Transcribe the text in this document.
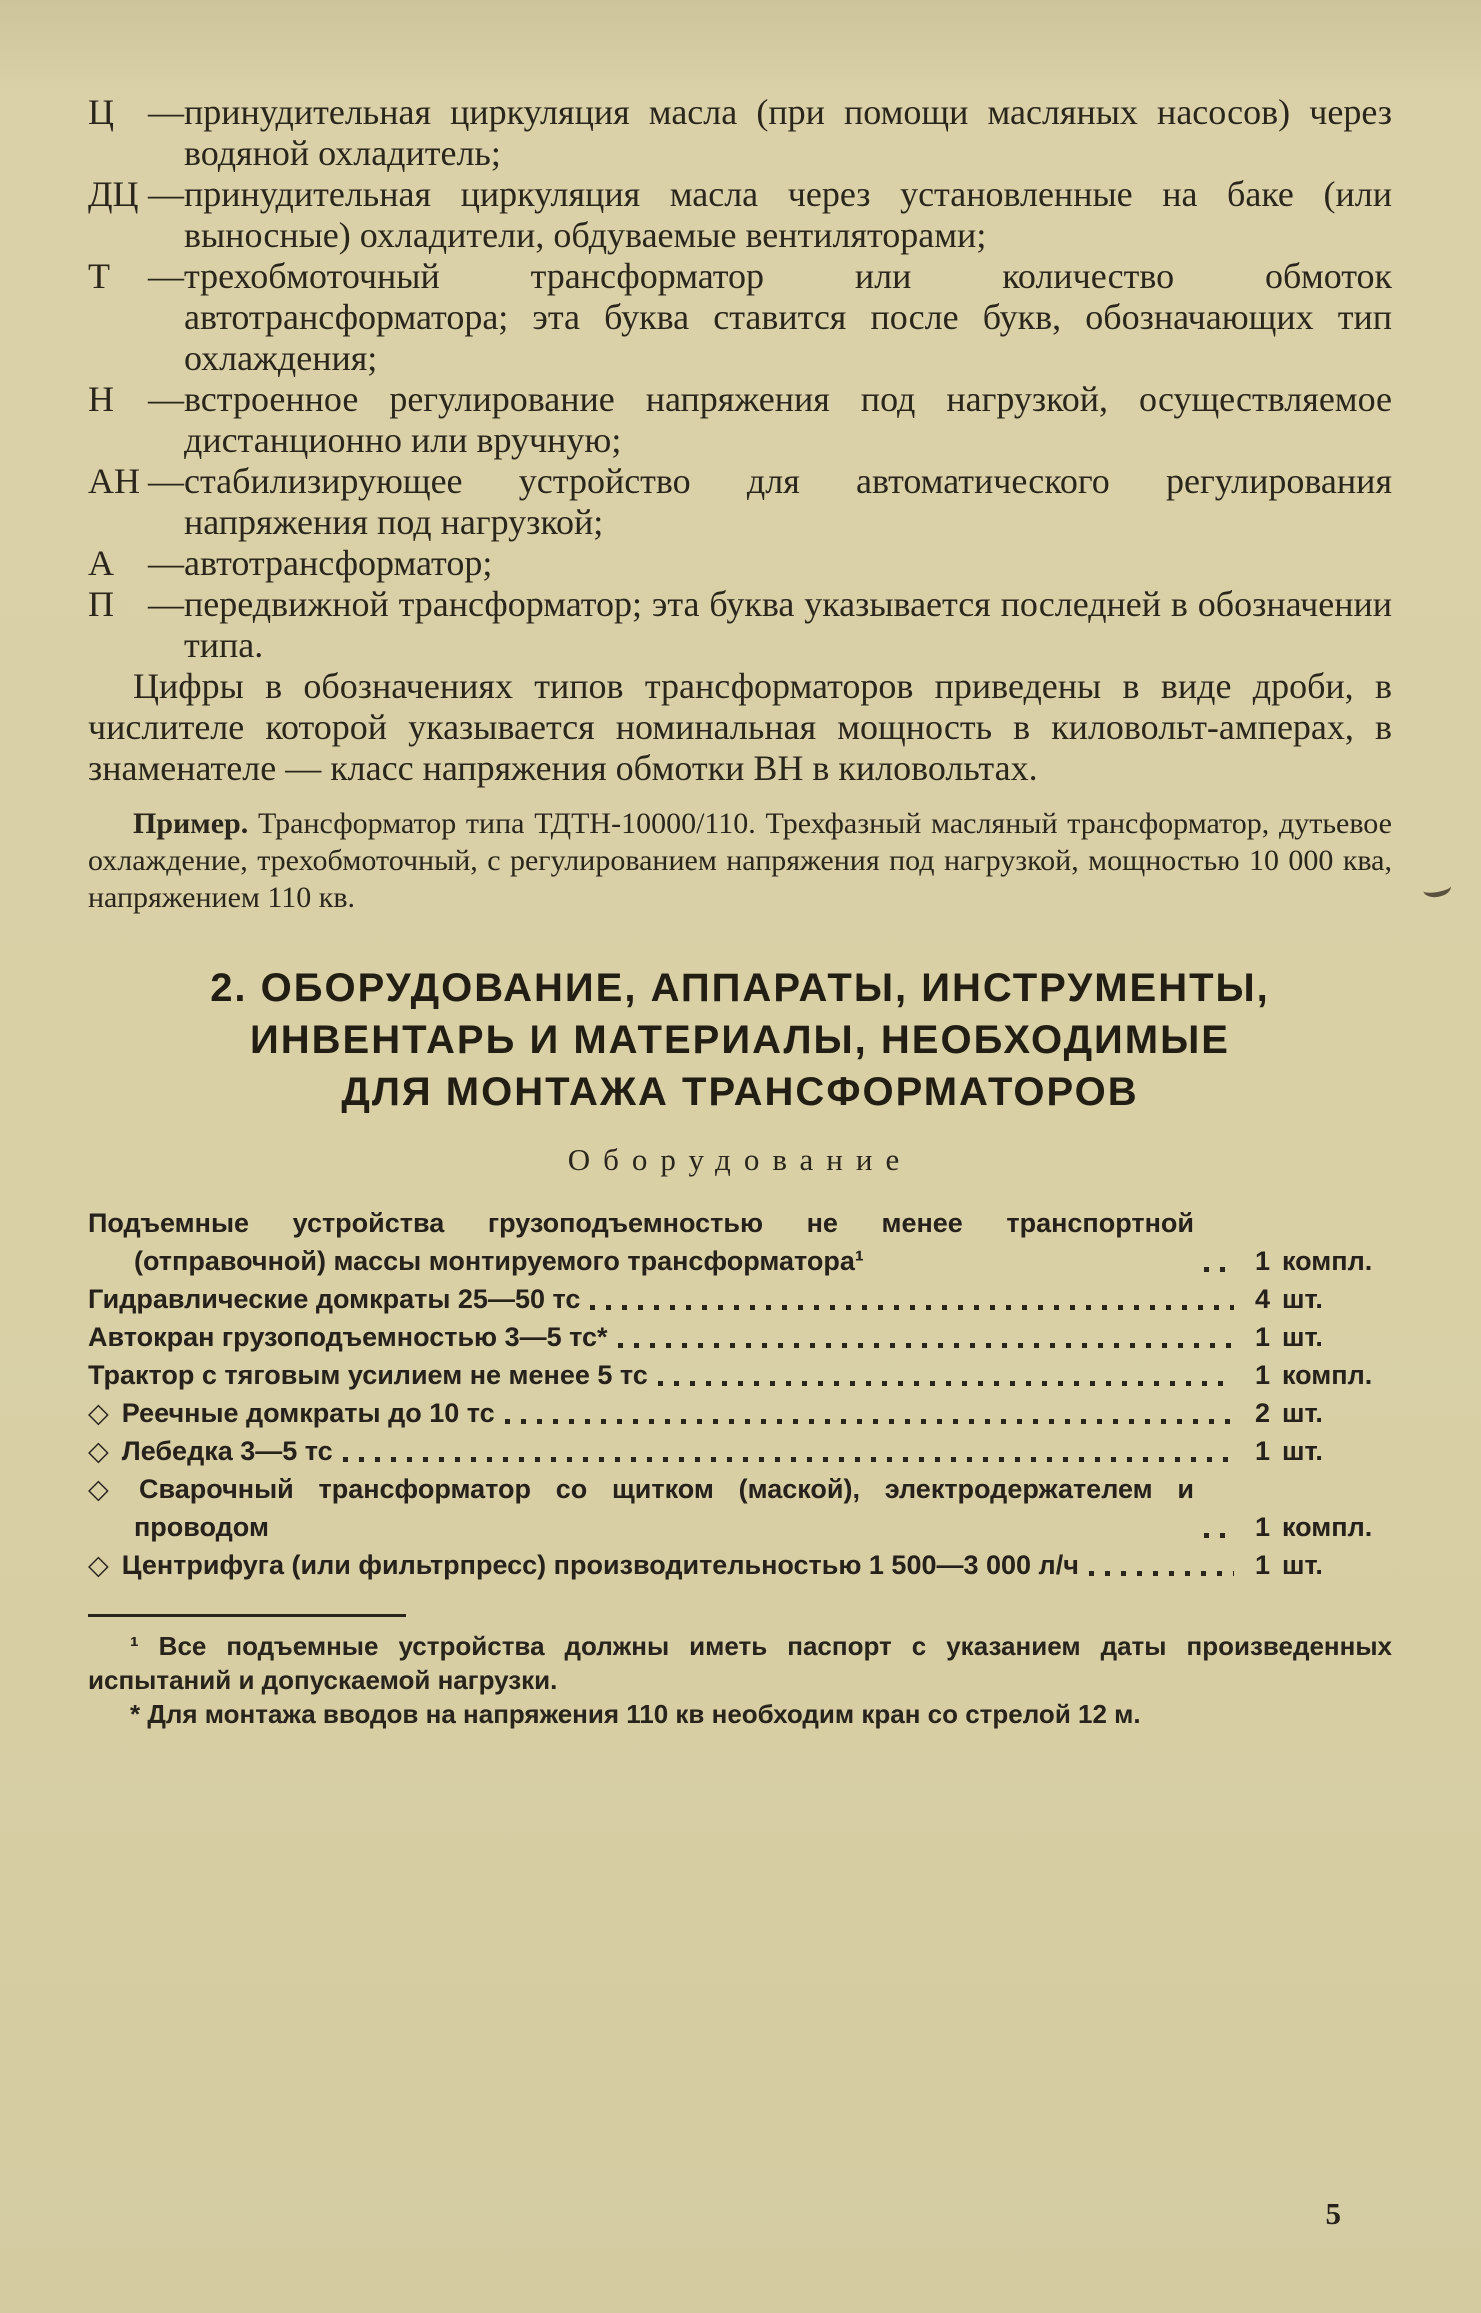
Ц — принудительная циркуляция масла (при помощи масляных насосов) через водяной охладитель;
ДЦ — принудительная циркуляция масла через установленные на баке (или выносные) охладители, обдуваемые вентиляторами;
Т	— трехобмоточный трансформатор или количество обмоток автотрансформатора; эта буква ставится после букв, обозначающих тип охлаждения;
Н — встроенное регулирование напряжения под нагрузкой, осуществляемое дистанционно или вручную;
АН — стабилизирующее устройство для автоматического регулирования напряжения под нагрузкой;
А — автотрансформатор;
П — передвижной трансформатор; эта буква указывается последней в обозначении типа.

Цифры в обозначениях типов трансформаторов приведены в виде дроби, в числителе которой указывается номинальная мощность в киловольт-амперах, в знаменателе — класс напряжения обмотки ВН в киловольтах.

Пример. Трансформатор типа ТДТН-10000/110. Трехфазный масляный трансформатор, дутьевое охлаждение, трехобмоточный, с регулированием напряжения под нагрузкой, мощностью 10 000 ква, напряжением 110 кв.

2. ОБОРУДОВАНИЕ, АППАРАТЫ, ИНСТРУМЕНТЫ,
ИНВЕНТАРЬ И МАТЕРИАЛЫ, НЕОБХОДИМЫЕ
ДЛЯ МОНТАЖА ТРАНСФОРМАТОРОВ
Оборудование
Подъемные устройства грузоподъемностью не менее транспортной (отправочной) массы монтируемого трансформатора¹	1 компл.
Гидравлические домкраты 25—50 тс	4 шт.
Автокран грузоподъемностью 3—5 тс*	1 шт.
Трактор с тяговым усилием не менее 5 тс	1 компл.
◇ Реечные домкраты до 10 тс	2 шт.
◇ Лебедка 3—5 тс	1 шт.
◇ Сварочный трансформатор со щитком (маской), электродержателем и проводом	1 компл.
◇ Центрифуга (или фильтрпресс) производительностью 1 500—3 000 л/ч	1 шт.

¹ Все подъемные устройства должны иметь паспорт с указанием даты произведенных испытаний и допускаемой нагрузки.

* Для монтажа вводов на напряжения 110 кв необходим кран со стрелой 12 м.

5
